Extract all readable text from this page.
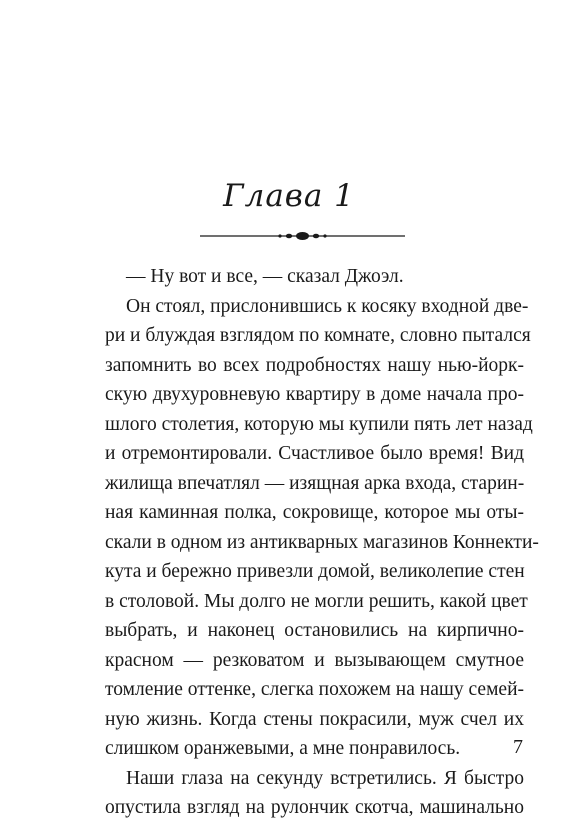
Глава 1
— Ну вот и все, — сказал Джоэл.
Он стоял, прислонившись к косяку входной две-
ри и блуждая взглядом по комнате, словно пытался
запомнить во всех подробностях нашу нью-йорк-
скую двухуровневую квартиру в доме начала про-
шлого столетия, которую мы купили пять лет назад
и отремонтировали. Счастливое было время! Вид
жилища впечатлял — изящная арка входа, старин-
ная каминная полка, сокровище, которое мы оты-
скали в одном из антикварных магазинов Коннекти-
кута и бережно привезли домой, великолепие стен
в столовой. Мы долго не могли решить, какой цвет
выбрать, и наконец остановились на кирпично-
красном — резковатом и вызывающем смутное
томление оттенке, слегка похожем на нашу семей-
ную жизнь. Когда стены покрасили, муж счел их
слишком оранжевыми, а мне понравилось.
Наши глаза на секунду встретились. Я быстро
опустила взгляд на рулончик скотча, машинально
7
